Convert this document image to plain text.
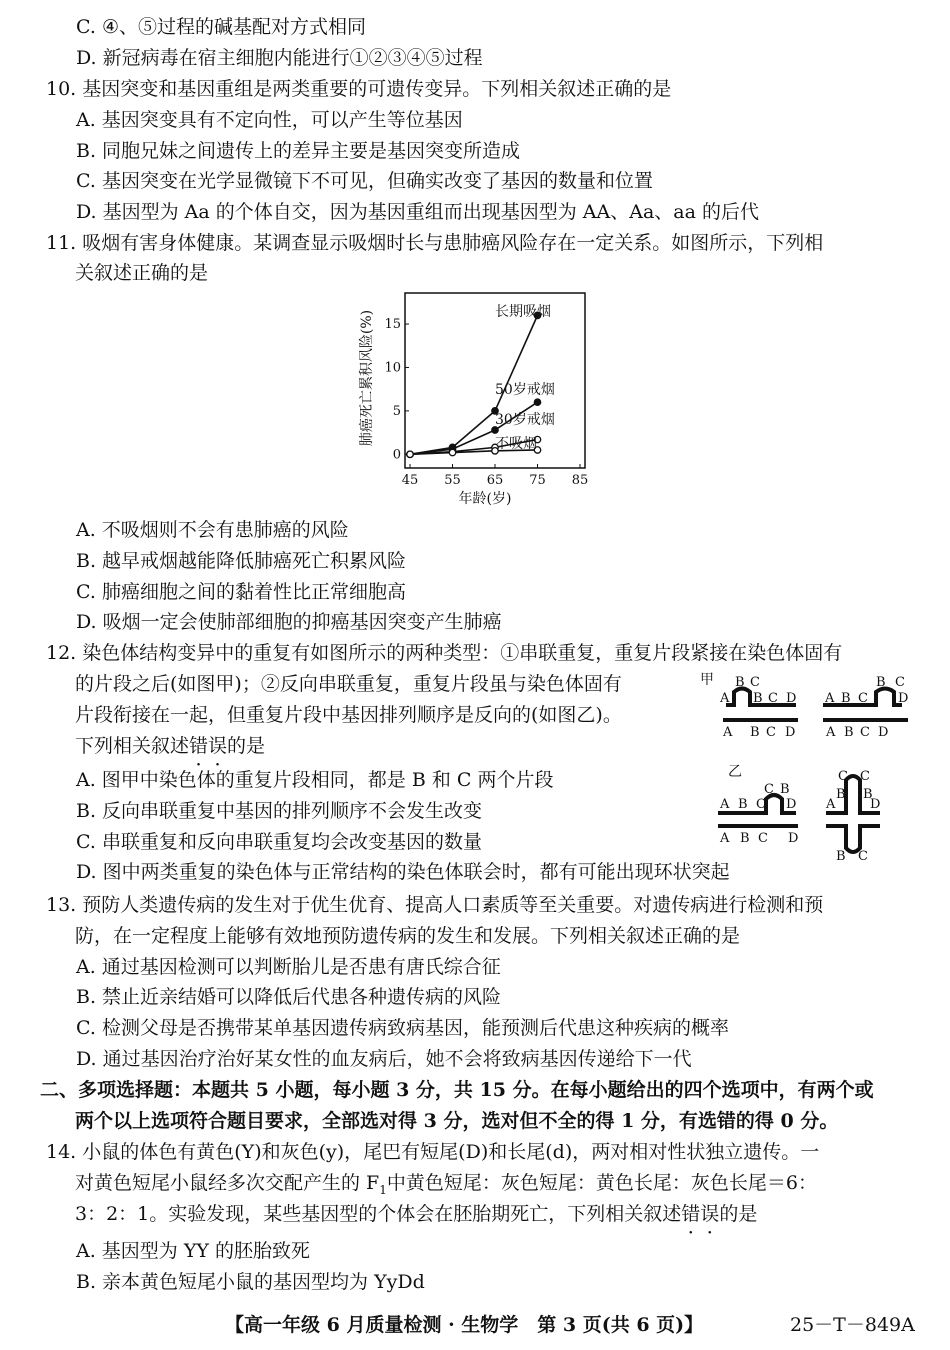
C. ④、⑤过程的碱基配对方式相同
D. 新冠病毒在宿主细胞内能进行①②③④⑤过程
10. 基因突变和基因重组是两类重要的可遗传变异。下列相关叙述正确的是
A. 基因突变具有不定向性，可以产生等位基因
B. 同胞兄妹之间遗传上的差异主要是基因突变所造成
C. 基因突变在光学显微镜下不可见，但确实改变了基因的数量和位置
D. 基因型为 Aa 的个体自交，因为基因重组而出现基因型为 AA、Aa、aa 的后代
11. 吸烟有害身体健康。某调查显示吸烟时长与患肺癌风险存在一定关系。如图所示，下列相
关叙述正确的是
肺癌死亡累积风险(%)
45 55 65 75 85
0
5
10
15
长期吸烟
50岁戒烟
30岁戒烟
不吸烟
年龄(岁)
A. 不吸烟则不会有患肺癌的风险
B. 越早戒烟越能降低肺癌死亡积累风险
C. 肺癌细胞之间的黏着性比正常细胞高
D. 吸烟一定会使肺部细胞的抑癌基因突变产生肺癌
12. 染色体结构变异中的重复有如图所示的两种类型：①串联重复，重复片段紧接在染色体固有
的片段之后(如图甲)；②反向串联重复，重复片段虽与染色体固有
片段衔接在一起，但重复片段中基因排列顺序是反向的(如图乙)。
下列相关叙述错误的是
A. 图甲中染色体的重复片段相同，都是 B 和 C 两个片段
B. 反向串联重复中基因的排列顺序不会发生改变
C. 串联重复和反向串联重复均会改变基因的数量
D. 图中两类重复的染色体与正常结构的染色体联会时，都有可能出现环状突起
甲 B C
A B C D
A B C D
B C
A B C D
A B C D
乙
C B
A B C D
A B C D
C C
B B
A	D
B C
13. 预防人类遗传病的发生对于优生优育、提高人口素质等至关重要。对遗传病进行检测和预
防，在一定程度上能够有效地预防遗传病的发生和发展。下列相关叙述正确的是
A. 通过基因检测可以判断胎儿是否患有唐氏综合征
B. 禁止近亲结婚可以降低后代患各种遗传病的风险
C. 检测父母是否携带某单基因遗传病致病基因，能预测后代患这种疾病的概率
D. 通过基因治疗治好某女性的血友病后，她不会将致病基因传递给下一代
二、多项选择题：本题共 5 小题，每小题 3 分，共 15 分。在每小题给出的四个选项中，有两个或
两个以上选项符合题目要求，全部选对得 3 分，选对但不全的得 1 分，有选错的得 0 分。
14. 小鼠的体色有黄色(Y)和灰色(y)，尾巴有短尾(D)和长尾(d)，两对相对性状独立遗传。一
对黄色短尾小鼠经多次交配产生的 $F_1$中黄色短尾：灰色短尾：黄色长尾：灰色长尾＝6：
3：2：1。实验发现，某些基因型的个体会在胚胎期死亡，下列相关叙述错误的是
A. 基因型为 YY 的胚胎致死
B. 亲本黄色短尾小鼠的基因型均为 YyDd
【高一年级 6 月质量检测 · 生物学　第 3 页(共 6 页)】	25－T－849A
